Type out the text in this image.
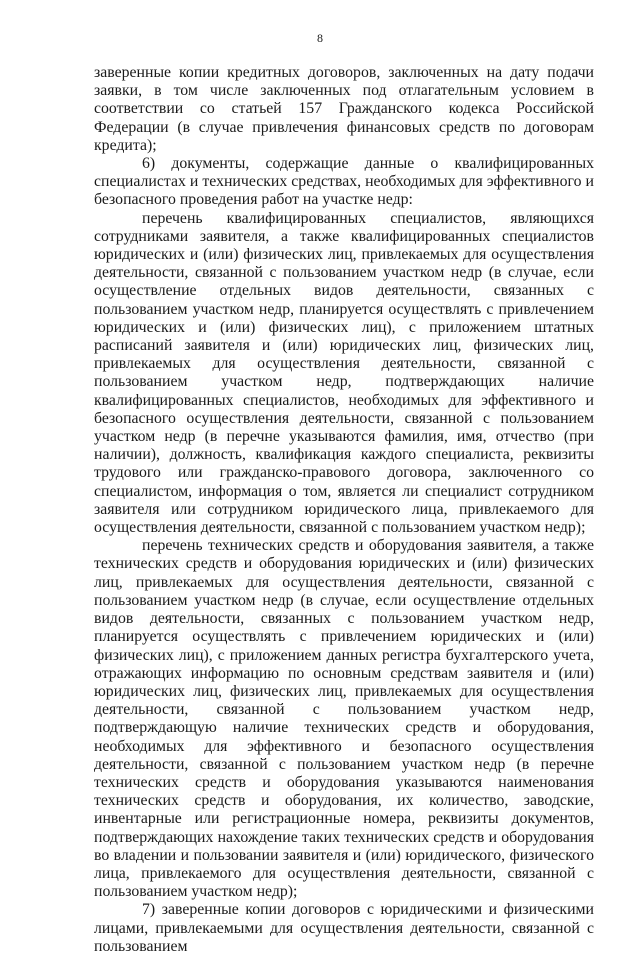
8

заверенные копии кредитных договоров, заключенных на дату подачи заявки, в том числе заключенных под отлагательным условием в соответствии со статьей 157 Гражданского кодекса Российской Федерации (в случае привлечения финансовых средств по договорам кредита);

6) документы, содержащие данные о квалифицированных специалистах и технических средствах, необходимых для эффективного и безопасного проведения работ на участке недр:

перечень квалифицированных специалистов, являющихся сотрудниками заявителя, а также квалифицированных специалистов юридических и (или) физических лиц, привлекаемых для осуществления деятельности, связанной с пользованием участком недр (в случае, если осуществление отдельных видов деятельности, связанных с пользованием участком недр, планируется осуществлять с привлечением юридических и (или) физических лиц), с приложением штатных расписаний заявителя и (или) юридических лиц, физических лиц, привлекаемых для осуществления деятельности, связанной с пользованием участком недр, подтверждающих наличие квалифицированных специалистов, необходимых для эффективного и безопасного осуществления деятельности, связанной с пользованием участком недр (в перечне указываются фамилия, имя, отчество (при наличии), должность, квалификация каждого специалиста, реквизиты трудового или гражданско-правового договора, заключенного со специалистом, информация о том, является ли специалист сотрудником заявителя или сотрудником юридического лица, привлекаемого для осуществления деятельности, связанной с пользованием участком недр);

перечень технических средств и оборудования заявителя, а также технических средств и оборудования юридических и (или) физических лиц, привлекаемых для осуществления деятельности, связанной с пользованием участком недр (в случае, если осуществление отдельных видов деятельности, связанных с пользованием участком недр, планируется осуществлять с привлечением юридических и (или) физических лиц), с приложением данных регистра бухгалтерского учета, отражающих информацию по основным средствам заявителя и (или) юридических лиц, физических лиц, привлекаемых для осуществления деятельности, связанной с пользованием участком недр, подтверждающую наличие технических средств и оборудования, необходимых для эффективного и безопасного осуществления деятельности, связанной с пользованием участком недр (в перечне технических средств и оборудования указываются наименования технических средств и оборудования, их количество, заводские, инвентарные или регистрационные номера, реквизиты документов, подтверждающих нахождение таких технических средств и оборудования во владении и пользовании заявителя и (или) юридического, физического лица, привлекаемого для осуществления деятельности, связанной с пользованием участком недр);

7) заверенные копии договоров с юридическими и физическими лицами, привлекаемыми для осуществления деятельности, связанной с пользованием
